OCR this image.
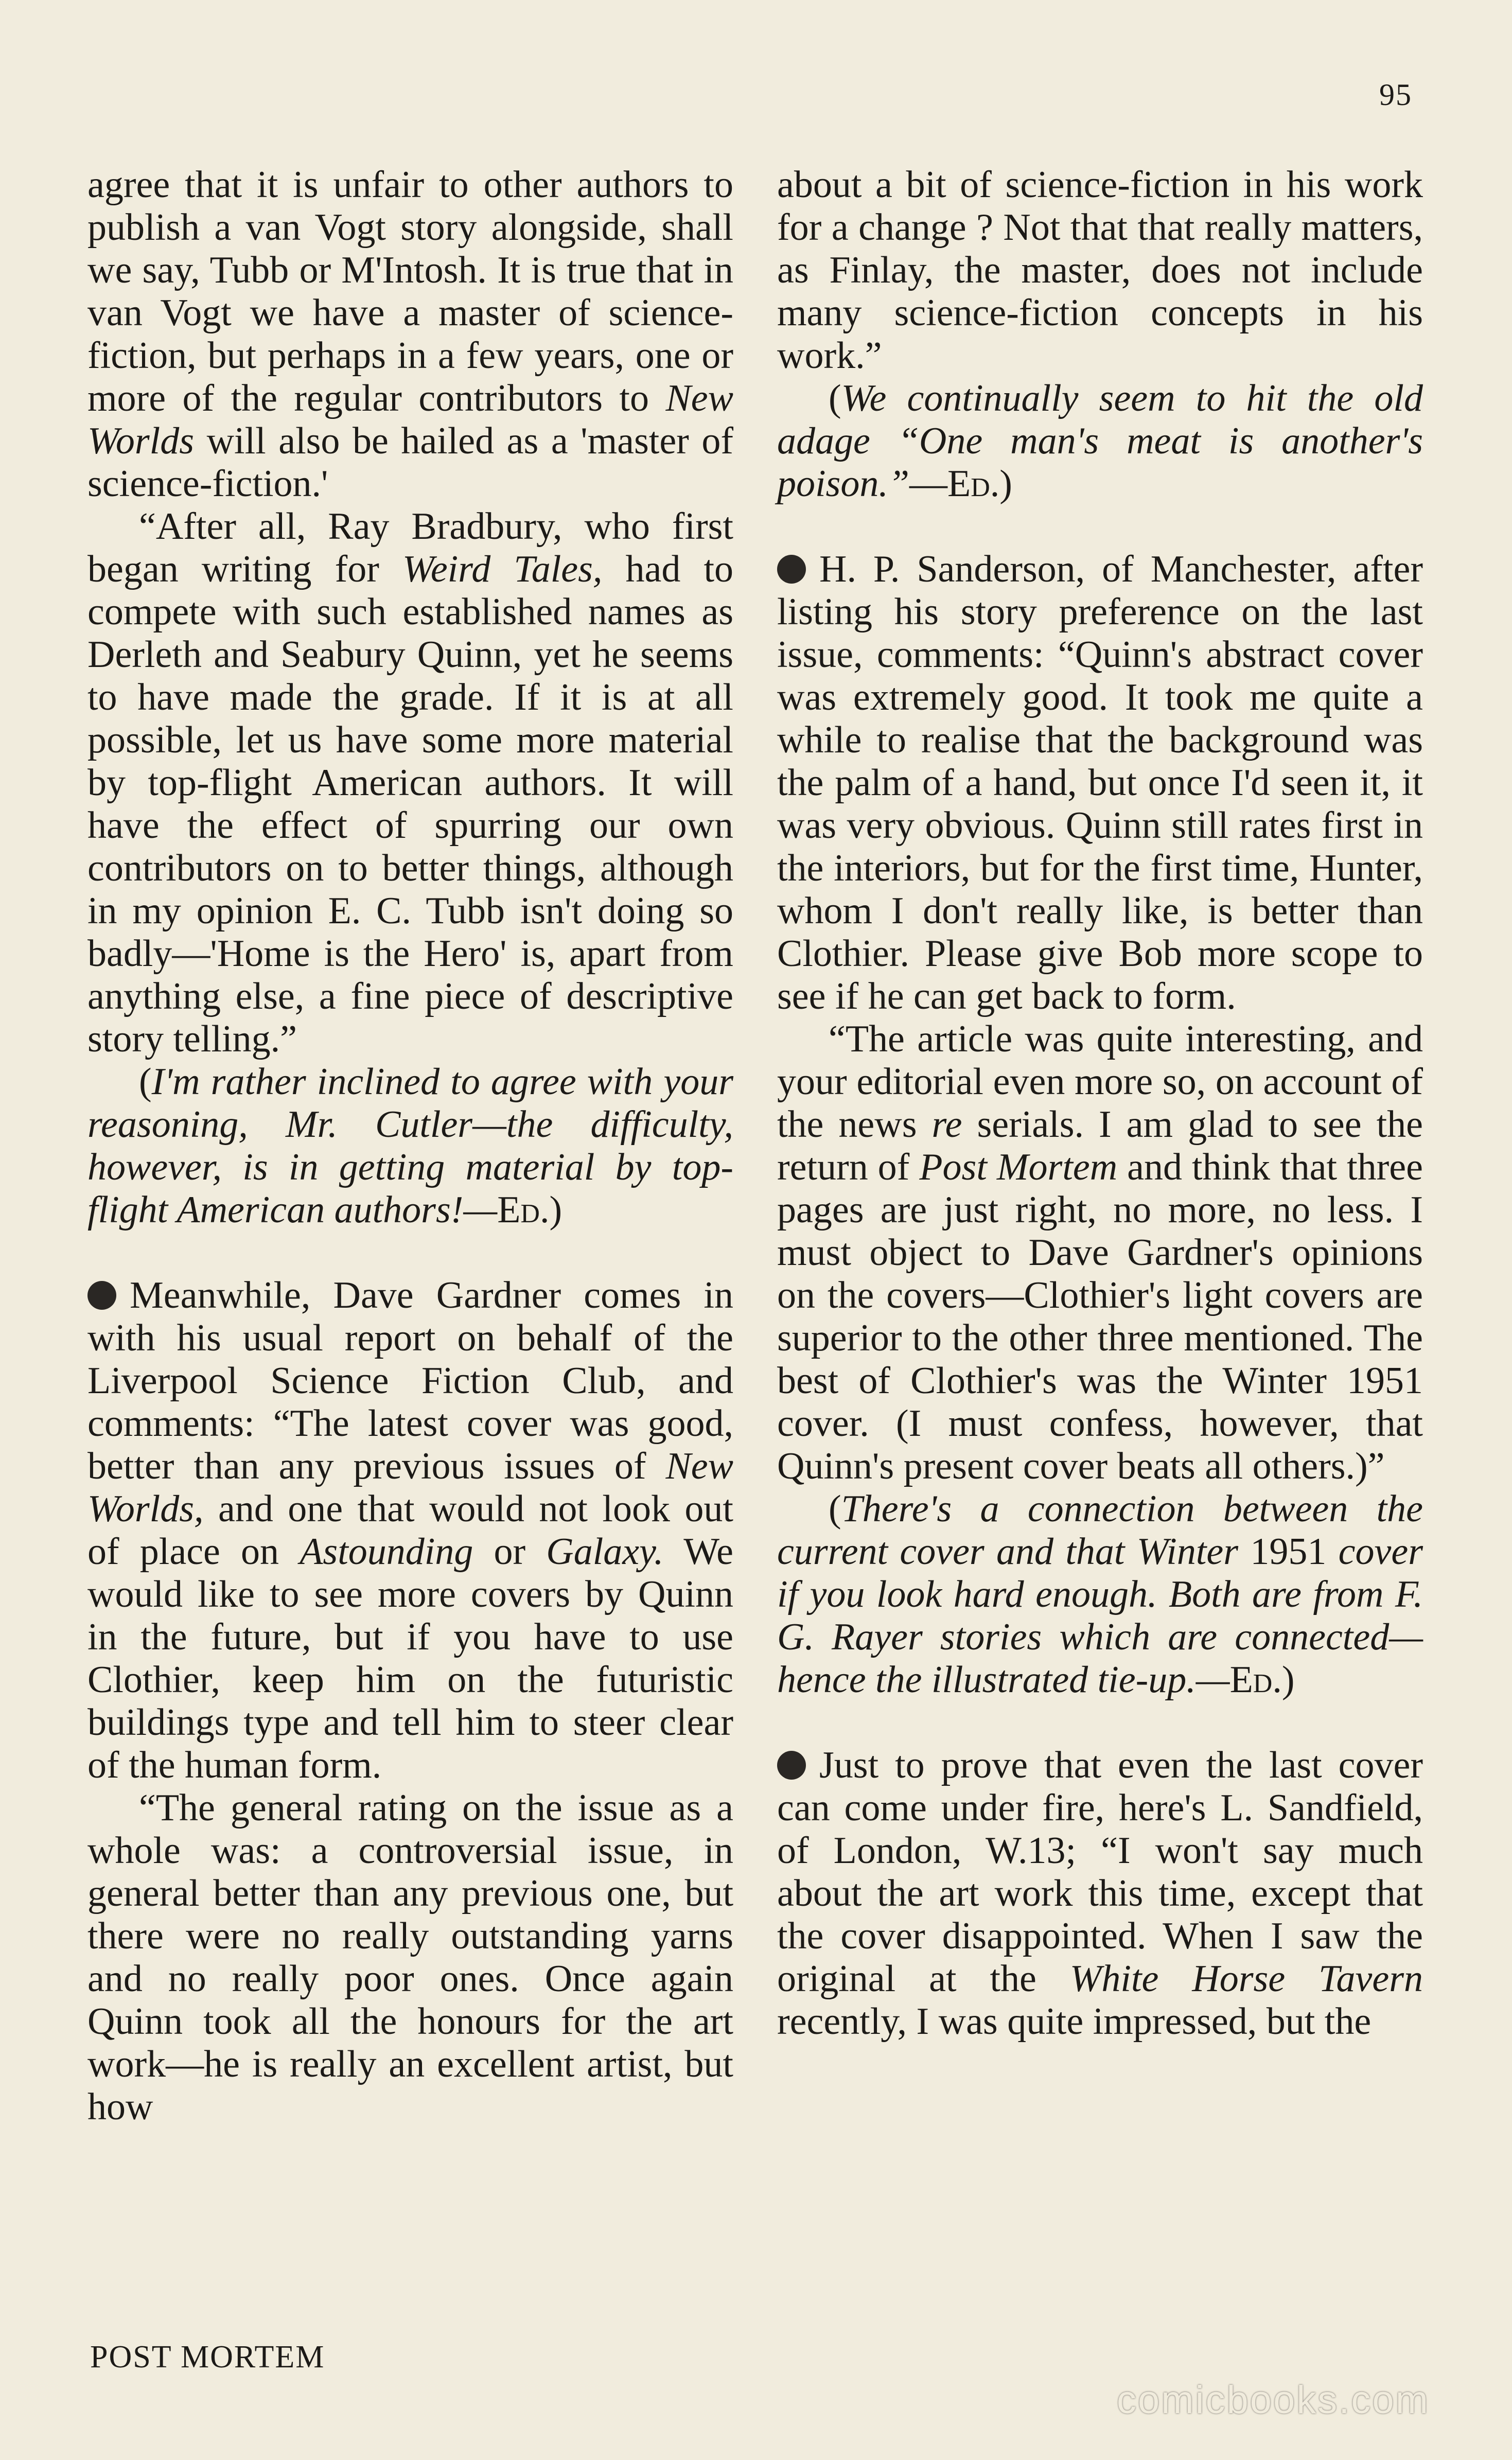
95

agree that it is unfair to other authors to publish a van Vogt story alongside, shall we say, Tubb or M'Intosh. It is true that in van Vogt we have a master of science-fiction, but perhaps in a few years, one or more of the regular contributors to New Worlds will also be hailed as a 'master of science-fiction.'

“After all, Ray Bradbury, who first began writing for Weird Tales, had to compete with such established names as Derleth and Seabury Quinn, yet he seems to have made the grade. If it is at all possible, let us have some more material by top-flight American authors. It will have the effect of spurring our own contributors on to better things, although in my opinion E. C. Tubb isn't doing so badly—'Home is the Hero' is, apart from anything else, a fine piece of descriptive story telling.”

(I'm rather inclined to agree with your reasoning, Mr. Cutler—the difficulty, however, is in getting material by top-flight American authors!—Ed.)

Meanwhile, Dave Gardner comes in with his usual report on behalf of the Liverpool Science Fiction Club, and comments: “The latest cover was good, better than any previous issues of New Worlds, and one that would not look out of place on Astounding or Galaxy. We would like to see more covers by Quinn in the future, but if you have to use Clothier, keep him on the futuristic buildings type and tell him to steer clear of the human form.

“The general rating on the issue as a whole was: a controversial issue, in general better than any previous one, but there were no really outstanding yarns and no really poor ones. Once again Quinn took all the honours for the art work—he is really an excellent artist, but how

about a bit of science-fiction in his work for a change ? Not that that really matters, as Finlay, the master, does not include many science-fiction concepts in his work.”

(We continually seem to hit the old adage “One man's meat is another's poison.”—Ed.)

H. P. Sanderson, of Manchester, after listing his story preference on the last issue, comments: “Quinn's abstract cover was extremely good. It took me quite a while to realise that the background was the palm of a hand, but once I'd seen it, it was very obvious. Quinn still rates first in the interiors, but for the first time, Hunter, whom I don't really like, is better than Clothier. Please give Bob more scope to see if he can get back to form.

“The article was quite interesting, and your editorial even more so, on account of the news re serials. I am glad to see the return of Post Mortem and think that three pages are just right, no more, no less. I must object to Dave Gardner's opinions on the covers—Clothier's light covers are superior to the other three mentioned. The best of Clothier's was the Winter 1951 cover. (I must confess, however, that Quinn's present cover beats all others.)”

(There's a connection between the current cover and that Winter 1951 cover if you look hard enough. Both are from F. G. Rayer stories which are connected—hence the illustrated tie-up.—Ed.)

Just to prove that even the last cover can come under fire, here's L. Sandfield, of London, W.13; “I won't say much about the art work this time, except that the cover disappointed. When I saw the original at the White Horse Tavern recently, I was quite impressed, but the

POST MORTEM
comicbooks.com
